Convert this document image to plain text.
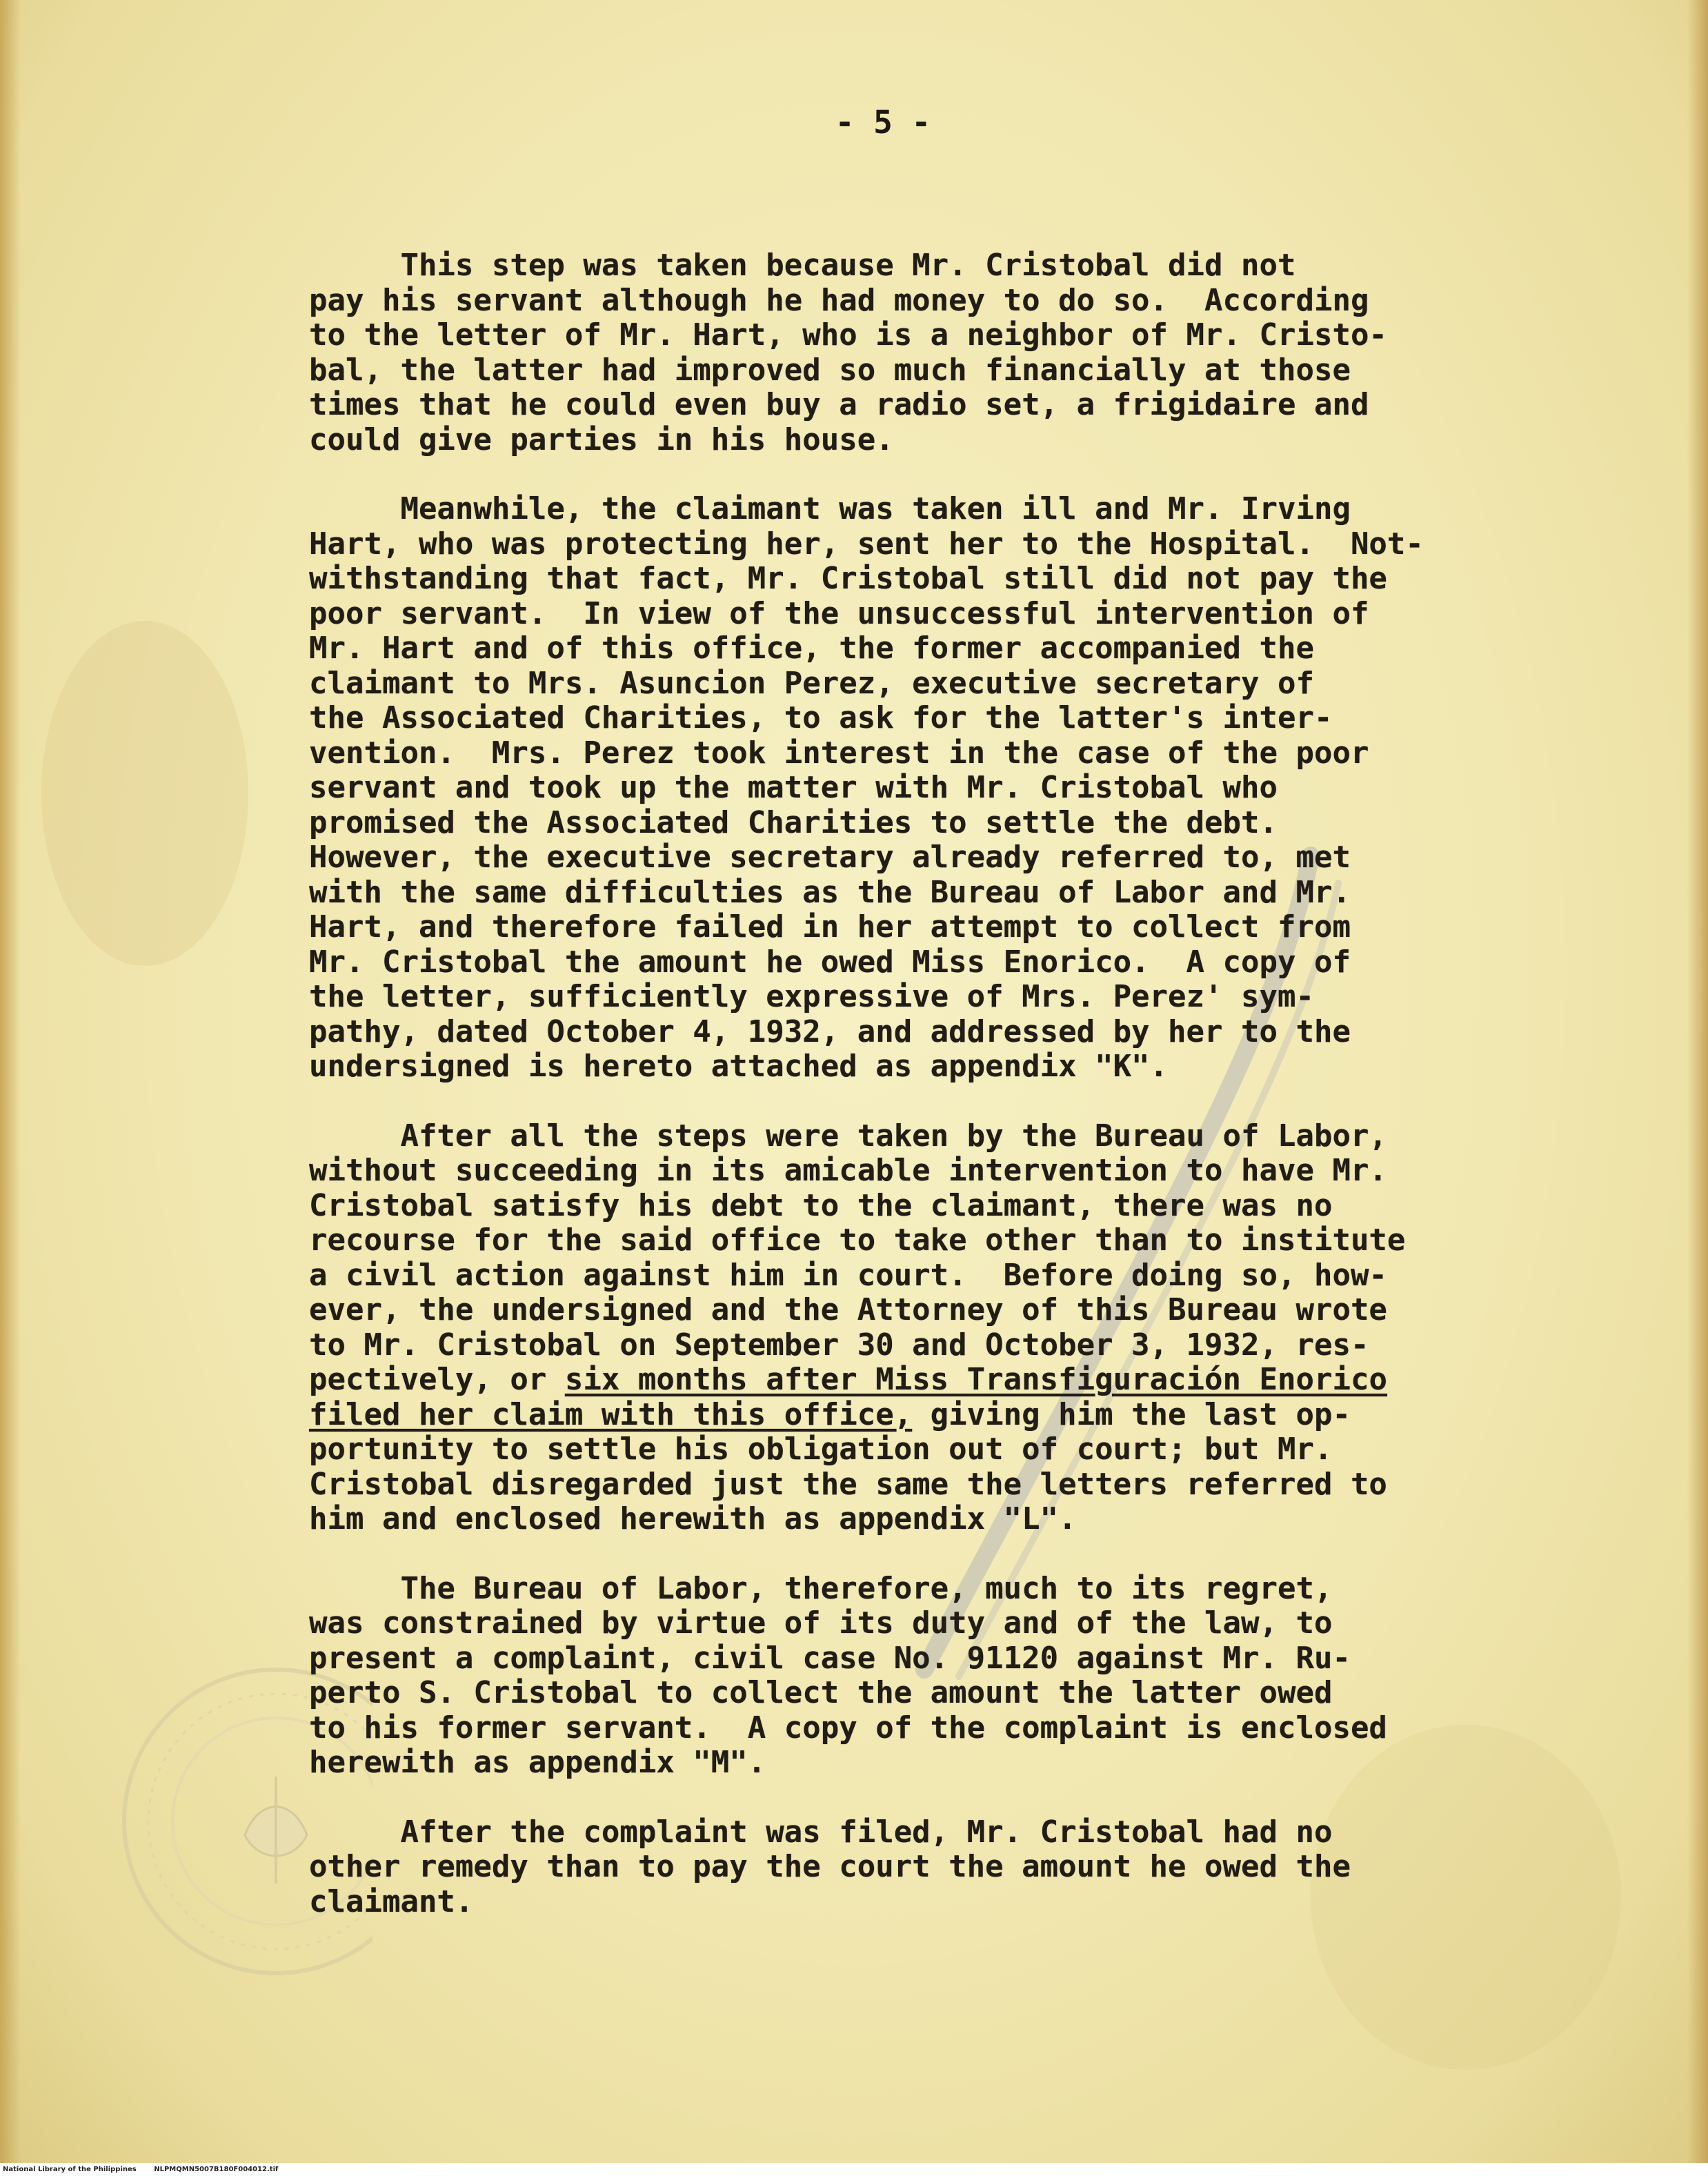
- 5 -
This step was taken because Mr. Cristobal did not
pay his servant although he had money to do so.  According
to the letter of Mr. Hart, who is a neighbor of Mr. Cristo-
bal, the latter had improved so much financially at those
times that he could even buy a radio set, a frigidaire and
could give parties in his house.
Meanwhile, the claimant was taken ill and Mr. Irving
Hart, who was protecting her, sent her to the Hospital.  Not-
withstanding that fact, Mr. Cristobal still did not pay the
poor servant.  In view of the unsuccessful intervention of
Mr. Hart and of this office, the former accompanied the
claimant to Mrs. Asuncion Perez, executive secretary of
the Associated Charities, to ask for the latter's inter-
vention.  Mrs. Perez took interest in the case of the poor
servant and took up the matter with Mr. Cristobal who
promised the Associated Charities to settle the debt.
However, the executive secretary already referred to, met
with the same difficulties as the Bureau of Labor and Mr.
Hart, and therefore failed in her attempt to collect from
Mr. Cristobal the amount he owed Miss Enorico.  A copy of
the letter, sufficiently expressive of Mrs. Perez' sym-
pathy, dated October 4, 1932, and addressed by her to the
undersigned is hereto attached as appendix "K".
After all the steps were taken by the Bureau of Labor,
without succeeding in its amicable intervention to have Mr.
Cristobal satisfy his debt to the claimant, there was no
recourse for the said office to take other than to institute
a civil action against him in court.  Before doing so, how-
ever, the undersigned and the Attorney of this Bureau wrote
to Mr. Cristobal on September 30 and October 3, 1932, res-
pectively, or six months after Miss Transfiguración Enorico
filed her claim with this office, giving him the last op-
portunity to settle his obligation out of court; but Mr.
Cristobal disregarded just the same the letters referred to
him and enclosed herewith as appendix "L".
The Bureau of Labor, therefore, much to its regret,
was constrained by virtue of its duty and of the law, to
present a complaint, civil case No. 91120 against Mr. Ru-
perto S. Cristobal to collect the amount the latter owed
to his former servant.  A copy of the complaint is enclosed
herewith as appendix "M".
After the complaint was filed, Mr. Cristobal had no
other remedy than to pay the court the amount he owed the
claimant.
National Library of the Philippines	NLPMQMN5007B180F004012.tif
